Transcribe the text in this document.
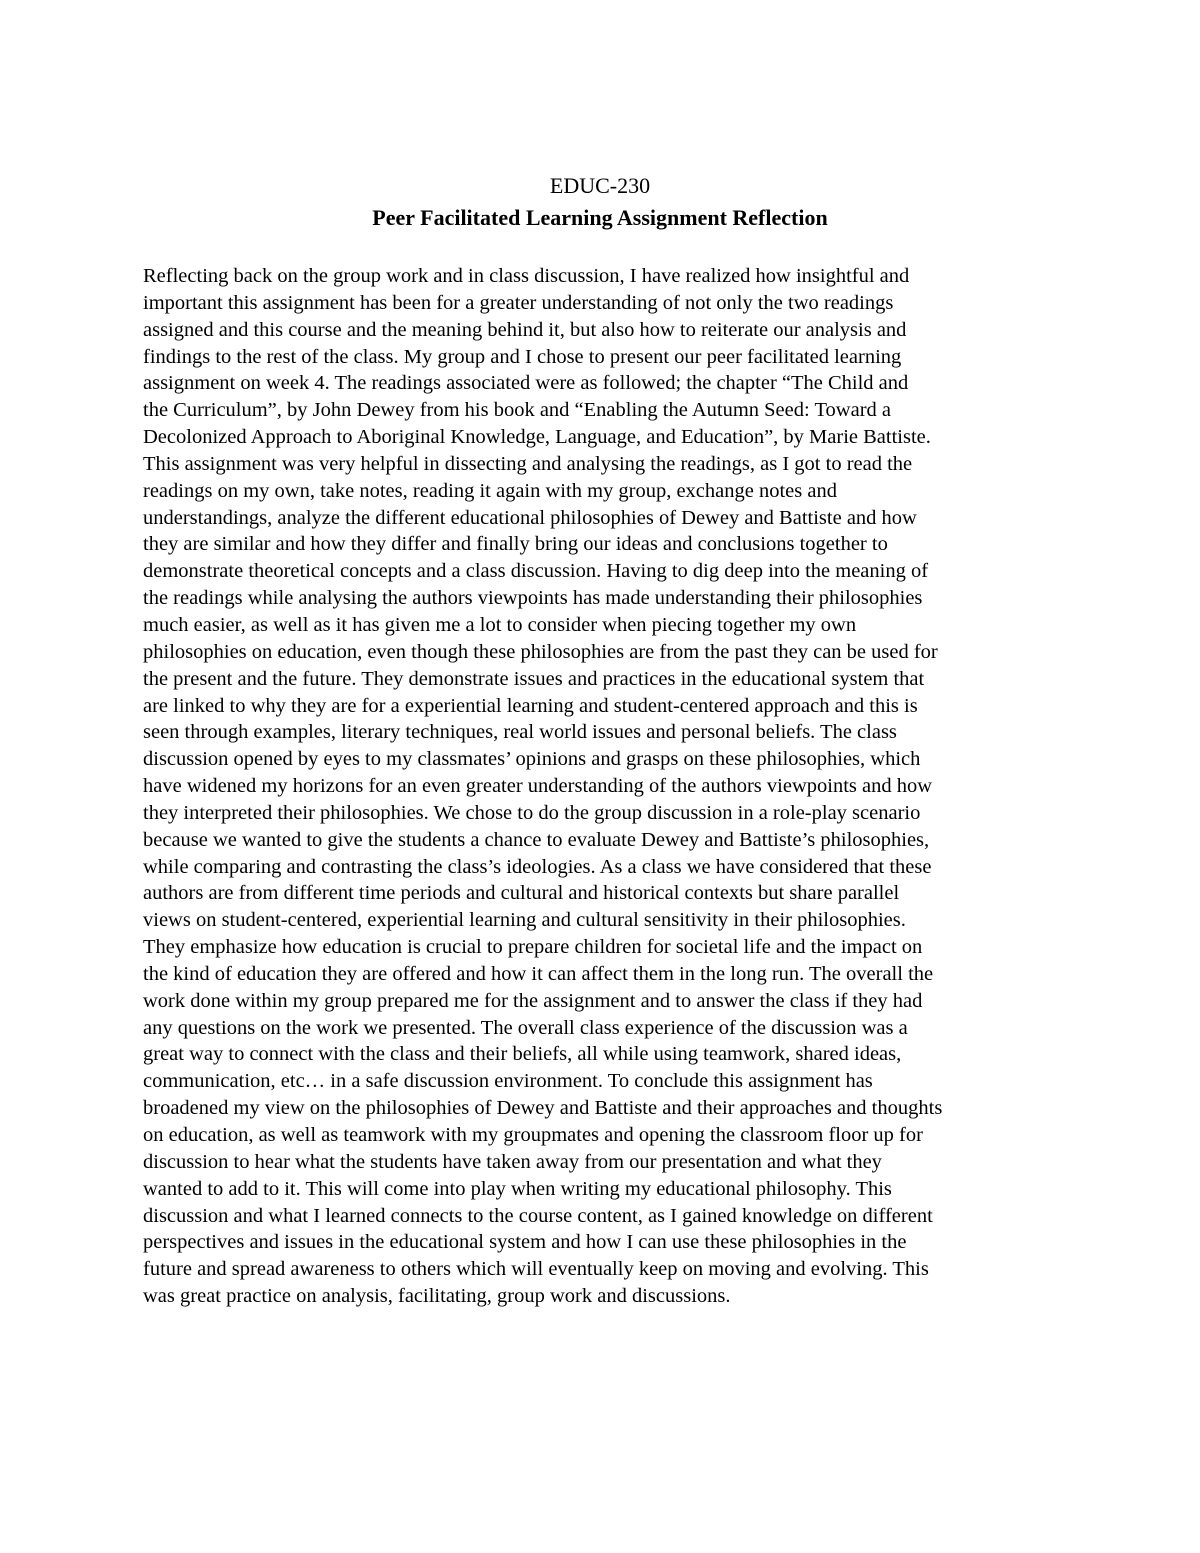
EDUC-230
Peer Facilitated Learning Assignment Reflection
Reflecting back on the group work and in class discussion, I have realized how insightful and
important this assignment has been for a greater understanding of not only the two readings
assigned and this course and the meaning behind it, but also how to reiterate our analysis and
findings to the rest of the class. My group and I chose to present our peer facilitated learning
assignment on week 4. The readings associated were as followed; the chapter “The Child and
the Curriculum”, by John Dewey from his book and “Enabling the Autumn Seed: Toward a
Decolonized Approach to Aboriginal Knowledge, Language, and Education”, by Marie Battiste.
This assignment was very helpful in dissecting and analysing the readings, as I got to read the
readings on my own, take notes, reading it again with my group, exchange notes and
understandings, analyze the different educational philosophies of Dewey and Battiste and how
they are similar and how they differ and finally bring our ideas and conclusions together to
demonstrate theoretical concepts and a class discussion. Having to dig deep into the meaning of
the readings while analysing the authors viewpoints has made understanding their philosophies
much easier, as well as it has given me a lot to consider when piecing together my own
philosophies on education, even though these philosophies are from the past they can be used for
the present and the future. They demonstrate issues and practices in the educational system that
are linked to why they are for a experiential learning and student-centered approach and this is
seen through examples, literary techniques, real world issues and personal beliefs. The class
discussion opened by eyes to my classmates’ opinions and grasps on these philosophies, which
have widened my horizons for an even greater understanding of the authors viewpoints and how
they interpreted their philosophies. We chose to do the group discussion in a role-play scenario
because we wanted to give the students a chance to evaluate Dewey and Battiste’s philosophies,
while comparing and contrasting the class’s ideologies. As a class we have considered that these
authors are from different time periods and cultural and historical contexts but share parallel
views on student-centered, experiential learning and cultural sensitivity in their philosophies.
They emphasize how education is crucial to prepare children for societal life and the impact on
the kind of education they are offered and how it can affect them in the long run. The overall the
work done within my group prepared me for the assignment and to answer the class if they had
any questions on the work we presented. The overall class experience of the discussion was a
great way to connect with the class and their beliefs, all while using teamwork, shared ideas,
communication, etc… in a safe discussion environment. To conclude this assignment has
broadened my view on the philosophies of Dewey and Battiste and their approaches and thoughts
on education, as well as teamwork with my groupmates and opening the classroom floor up for
discussion to hear what the students have taken away from our presentation and what they
wanted to add to it. This will come into play when writing my educational philosophy. This
discussion and what I learned connects to the course content, as I gained knowledge on different
perspectives and issues in the educational system and how I can use these philosophies in the
future and spread awareness to others which will eventually keep on moving and evolving. This
was great practice on analysis, facilitating, group work and discussions.
